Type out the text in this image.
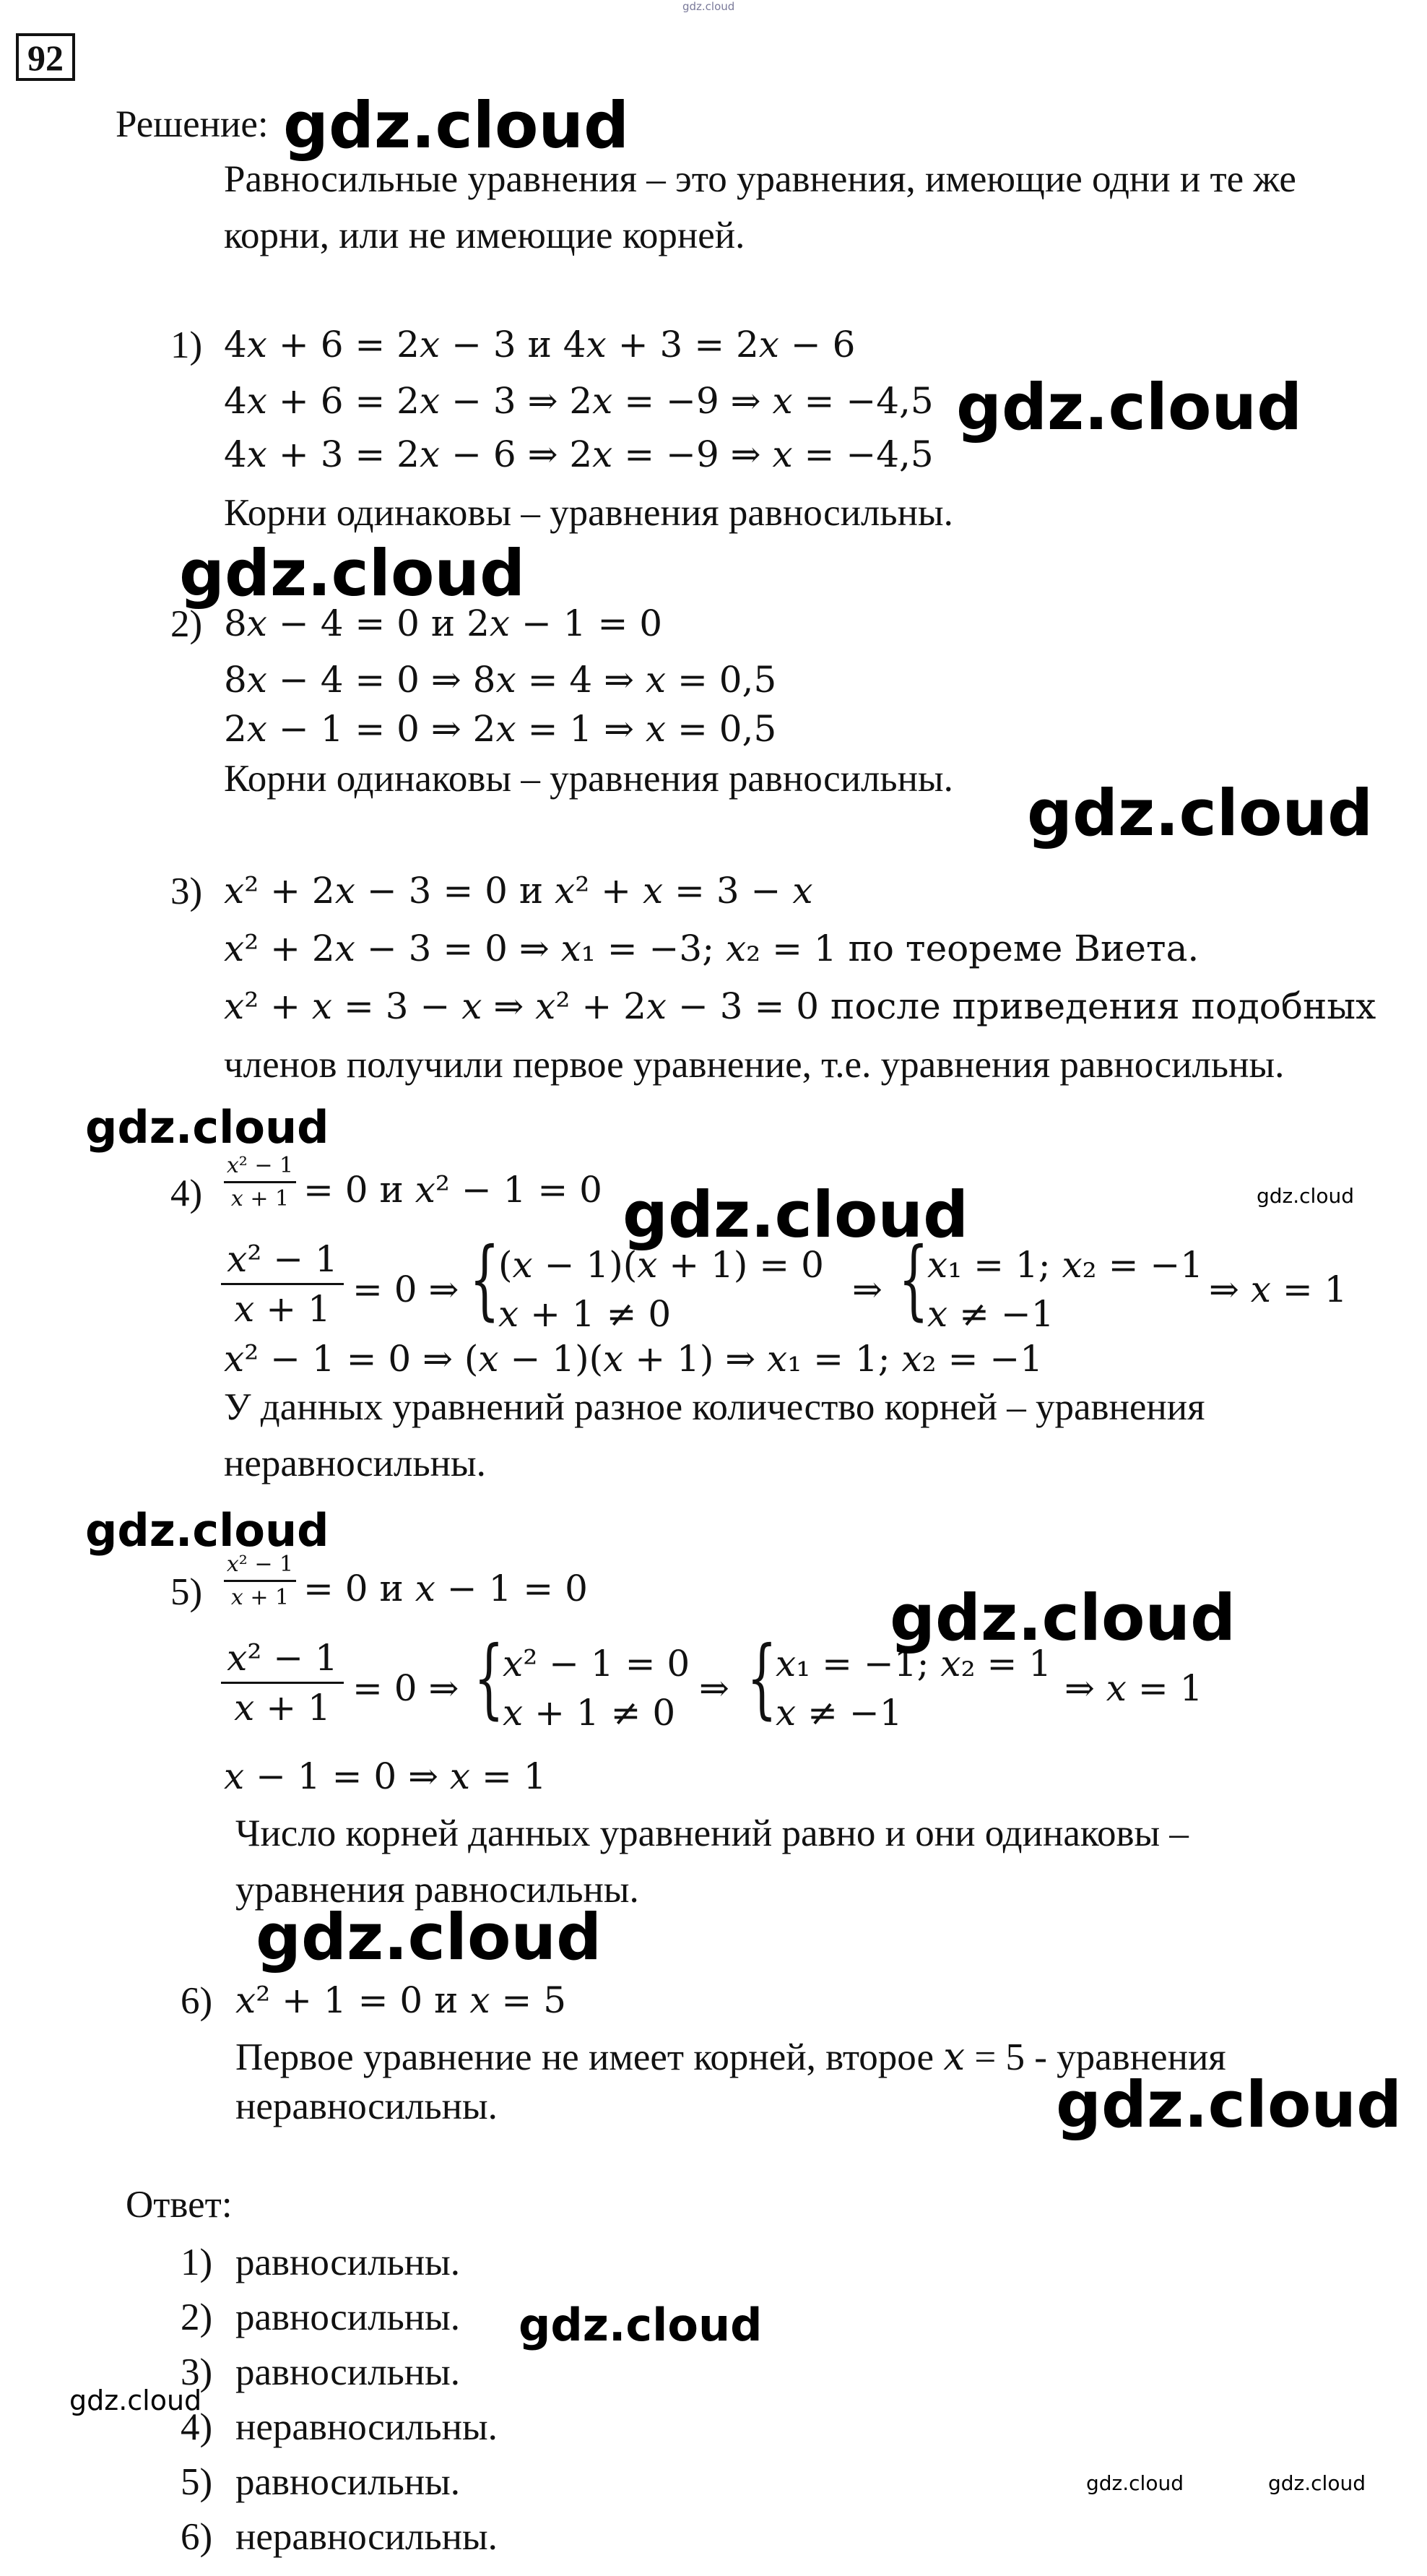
gdz.cloud
92
Решение:
Равносильные уравнения – это уравнения, имеющие одни и те же
корни, или не имеющие корней.
1) 4𝑥 + 6 = 2𝑥 − 3 и 4𝑥 + 3 = 2𝑥 − 6
4𝑥 + 6 = 2𝑥 − 3 ⇒ 2𝑥 = −9 ⇒ 𝑥 = −4,5
4𝑥 + 3 = 2𝑥 − 6 ⇒ 2𝑥 = −9 ⇒ 𝑥 = −4,5
Корни одинаковы – уравнения равносильны.
2) 8𝑥 − 4 = 0 и 2𝑥 − 1 = 0
8𝑥 − 4 = 0 ⇒ 8𝑥 = 4 ⇒ 𝑥 = 0,5
2𝑥 − 1 = 0 ⇒ 2𝑥 = 1 ⇒ 𝑥 = 0,5
Корни одинаковы – уравнения равносильны.
3) 𝑥² + 2𝑥 − 3 = 0 и 𝑥² + 𝑥 = 3 − 𝑥
𝑥² + 2𝑥 − 3 = 0 ⇒ 𝑥₁ = −3; 𝑥₂ = 1 по теореме Виета.
𝑥² + 𝑥 = 3 − 𝑥 ⇒ 𝑥² + 2𝑥 − 3 = 0 после приведения подобных
членов получили первое уравнение, т.е. уравнения равносильны.
4)
𝑥² − 1
𝑥 + 1 = 0 и 𝑥² − 1 = 0
𝑥² − 1
𝑥 + 1 = 0 ⇒ {
(𝑥 − 1)(𝑥 + 1) = 0
𝑥 + 1 ≠ 0
⇒ {
𝑥₁ = 1; 𝑥₂ = −1
𝑥 ≠ −1
⇒ 𝑥 = 1
𝑥² − 1 = 0 ⇒ (𝑥 − 1)(𝑥 + 1) ⇒ 𝑥₁ = 1; 𝑥₂ = −1
У данных уравнений разное количество корней – уравнения
неравносильны.
5)
𝑥² − 1
𝑥 + 1 = 0 и 𝑥 − 1 = 0
𝑥² − 1
𝑥 + 1 = 0 ⇒ {
𝑥² − 1 = 0
𝑥 + 1 ≠ 0
⇒ {
𝑥₁ = −1; 𝑥₂ = 1
𝑥 ≠ −1
⇒ 𝑥 = 1
𝑥 − 1 = 0 ⇒ 𝑥 = 1
Число корней данных уравнений равно и они одинаковы –
уравнения равносильны.
6) 𝑥² + 1 = 0 и 𝑥 = 5
Первое уравнение не имеет корней, второе 𝑥 = 5 - уравнения
неравносильны.
Ответ:
1) равносильны.
2) равносильны.
3) равносильны.
4) неравносильны.
5) равносильны.
6) неравносильны.
gdz.cloud
gdz.cloud
gdz.cloud
gdz.cloud
gdz.cloud
gdz.cloud	gdz.cloud
gdz.cloud
gdz.cloud
gdz.cloud
gdz.cloud
gdz.cloud
gdz.cloud
gdz.cloud	gdz.cloud
